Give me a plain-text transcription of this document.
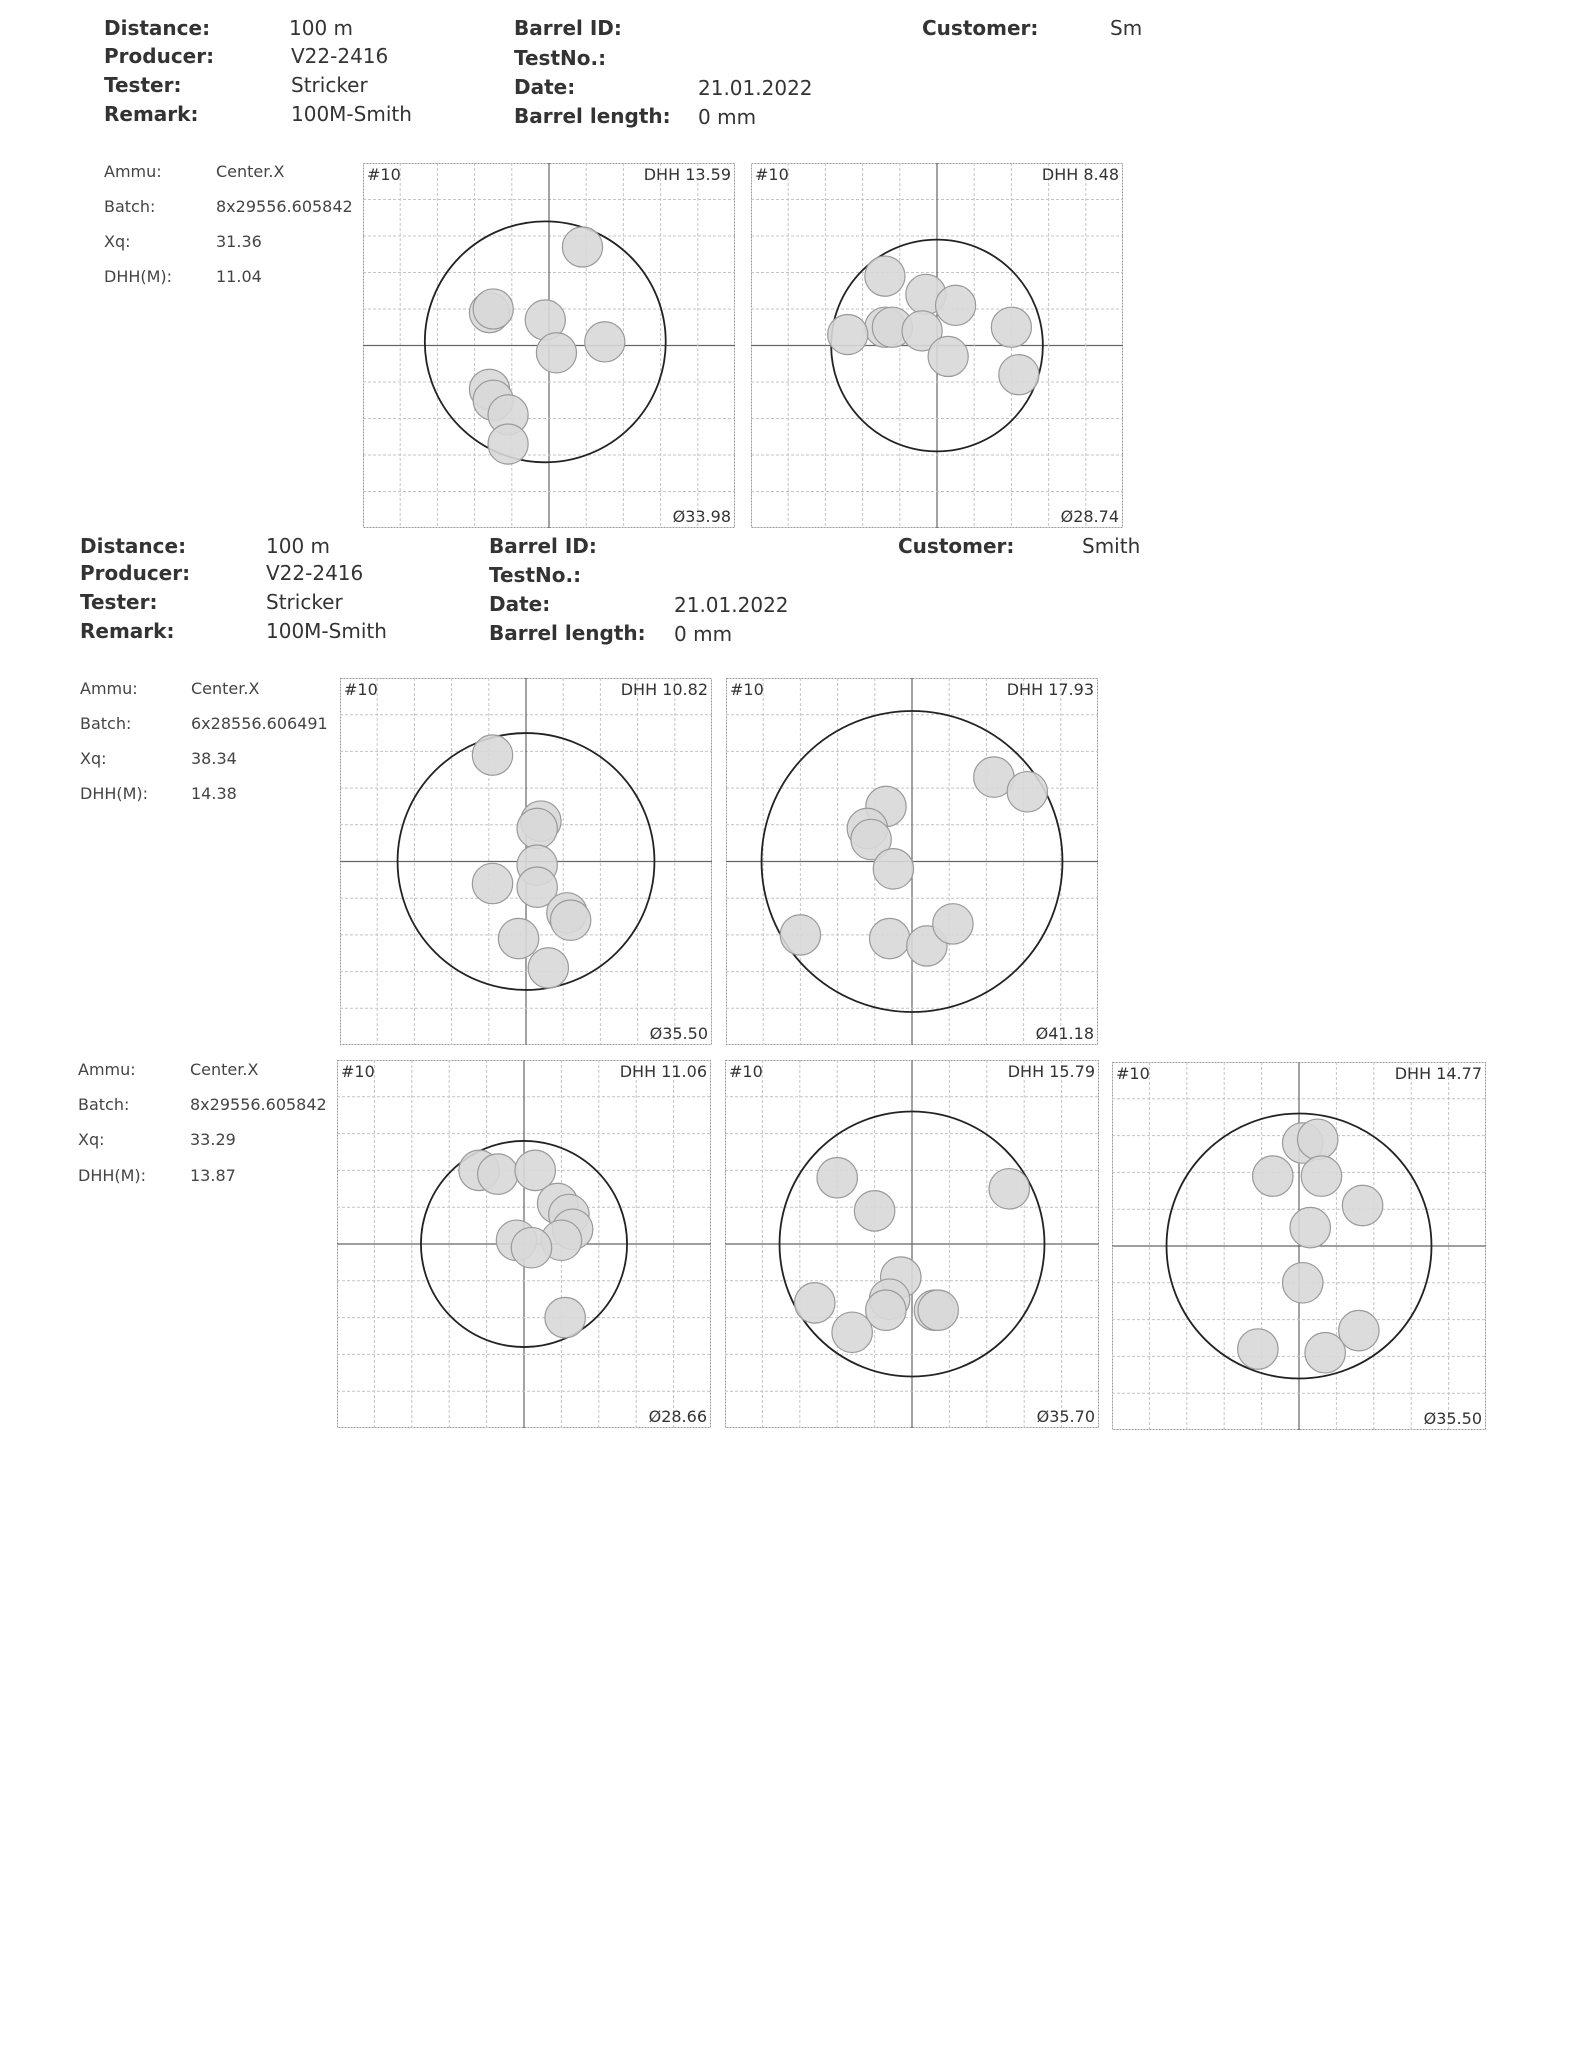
Distance:	100 m	Barrel ID:	Customer:	Sm
Producer:	V22-2416	TestNo.:
Tester:	Stricker	Date:	21.01.2022
Remark:	100M-Smith	Barrel length: 0 mm
Ammu:	Center.X
Batch:	8x29556.605842
Xq:	31.36
DHH(M):	11.04
#10	DHH 13.59
Ø33.98
#10	DHH 8.48
Ø28.74
Distance:	100 m	Barrel ID:	Customer:	Smith
Producer:	V22-2416	TestNo.:
Tester:	Stricker	Date:	21.01.2022
Remark:	100M-Smith	Barrel length: 0 mm
Ammu:	Center.X
Batch:	6x28556.606491
Xq:	38.34
DHH(M):	14.38
#10	DHH 10.82
Ø35.50
#10	DHH 17.93
Ø41.18
Ammu:	Center.X
Batch:	8x29556.605842
Xq:	33.29
DHH(M):	13.87
#10	DHH 11.06
Ø28.66
#10	DHH 15.79
Ø35.70
#10	DHH 14.77
Ø35.50
